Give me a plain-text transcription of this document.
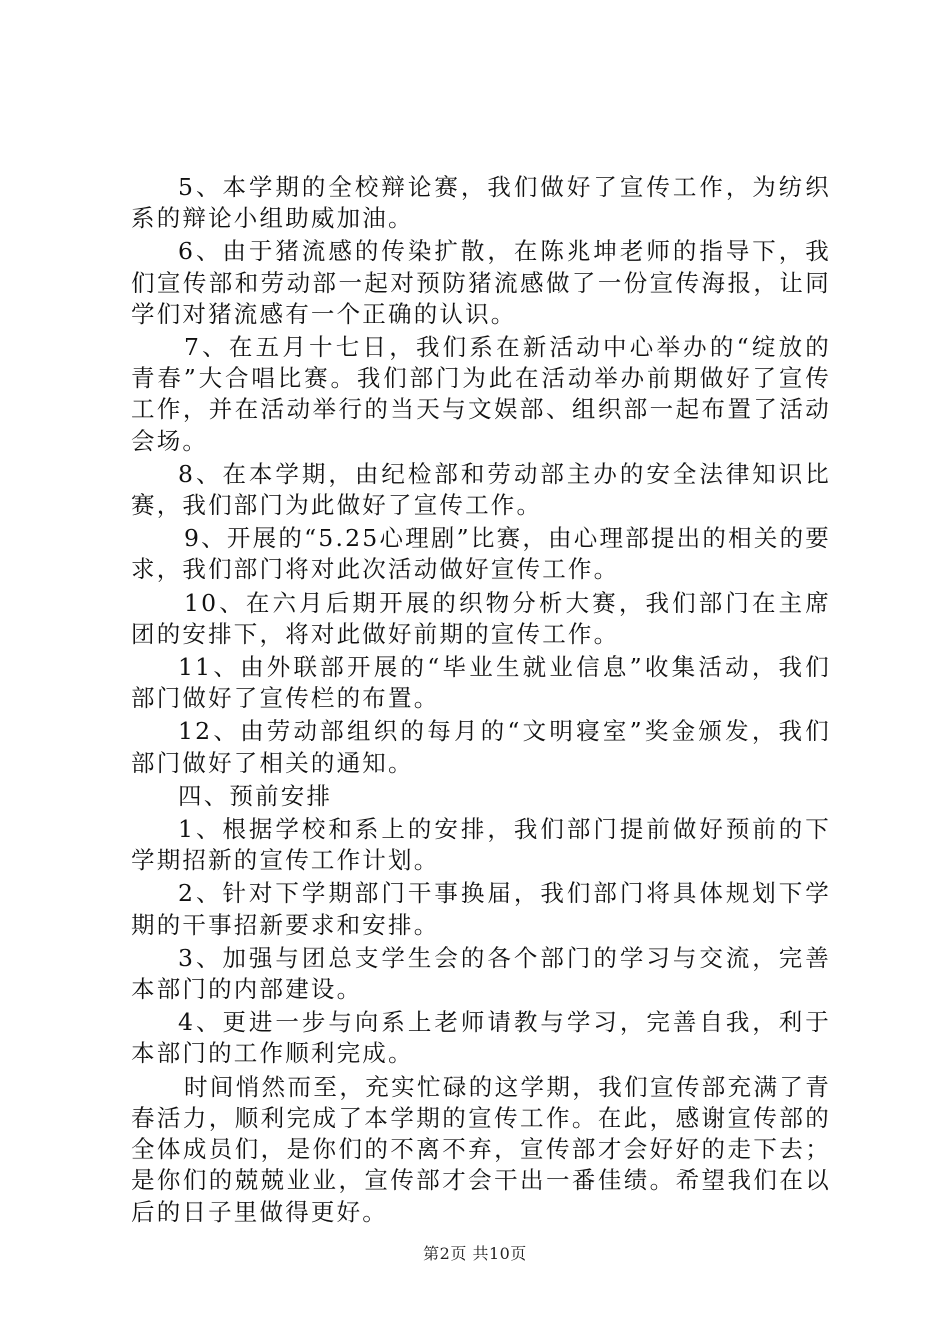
5、本学期的全校辩论赛，我们做好了宣传工作，为纺织系的辩论小组助威加油。

6、由于猪流感的传染扩散，在陈兆坤老师的指导下，我们宣传部和劳动部一起对预防猪流感做了一份宣传海报，让同学们对猪流感有一个正确的认识。

7、在五月十七日，我们系在新活动中心举办的“绽放的青春”大合唱比赛。我们部门为此在活动举办前期做好了宣传工作，并在活动举行的当天与文娱部、组织部一起布置了活动会场。

8、在本学期，由纪检部和劳动部主办的安全法律知识比赛，我们部门为此做好了宣传工作。

9、开展的“5.25心理剧”比赛，由心理部提出的相关的要求，我们部门将对此次活动做好宣传工作。

10、在六月后期开展的织物分析大赛，我们部门在主席团的安排下，将对此做好前期的宣传工作。

11、由外联部开展的“毕业生就业信息”收集活动，我们部门做好了宣传栏的布置。

12、由劳动部组织的每月的“文明寝室”奖金颁发，我们部门做好了相关的通知。

四、预前安排

1、根据学校和系上的安排，我们部门提前做好预前的下学期招新的宣传工作计划。

2、针对下学期部门干事换届，我们部门将具体规划下学期的干事招新要求和安排。

3、加强与团总支学生会的各个部门的学习与交流，完善本部门的内部建设。

4、更进一步与向系上老师请教与学习，完善自我，利于本部门的工作顺利完成。

时间悄然而至，充实忙碌的这学期，我们宣传部充满了青春活力，顺利完成了本学期的宣传工作。在此，感谢宣传部的全体成员们，是你们的不离不弃，宣传部才会好好的走下去；是你们的兢兢业业，宣传部才会干出一番佳绩。希望我们在以后的日子里做得更好。

第2页 共10页
